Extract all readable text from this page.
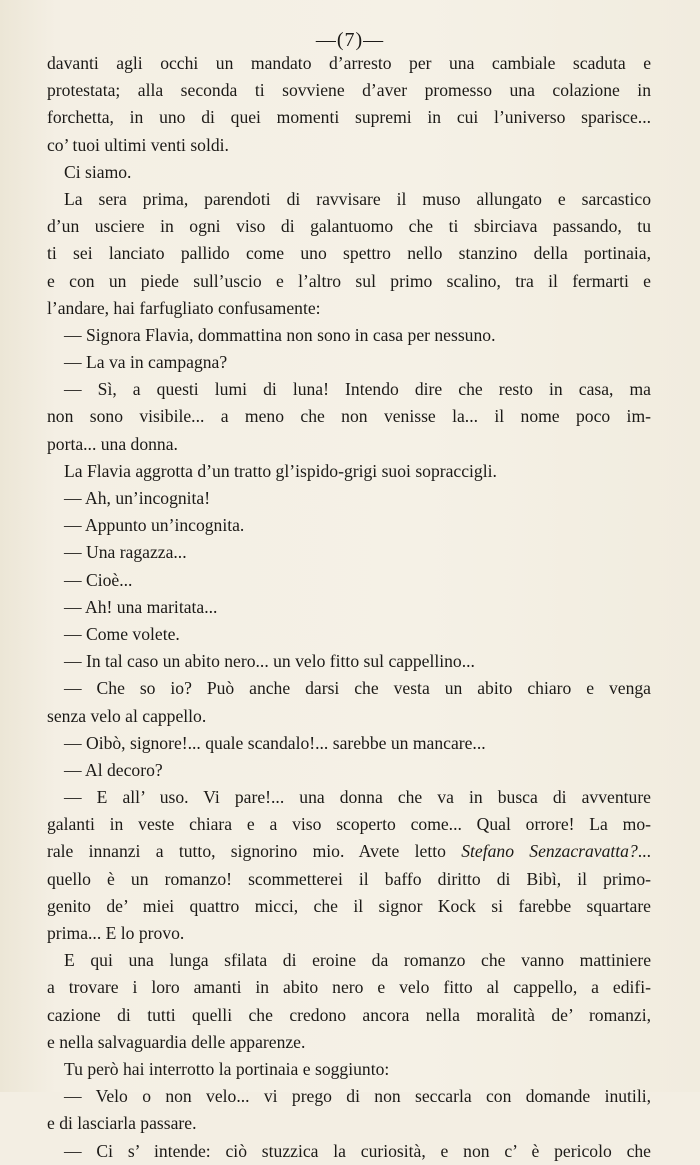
—(7)—
davanti agli occhi un mandato d’arresto per una cambiale scaduta e
protestata; alla seconda ti sovviene d’aver promesso una colazione in
forchetta, in uno di quei momenti supremi in cui l’universo sparisce...
co’ tuoi ultimi venti soldi.
Ci siamo.
La sera prima, parendoti di ravvisare il muso allungato e sarcastico
d’un usciere in ogni viso di galantuomo che ti sbirciava passando, tu
ti sei lanciato pallido come uno spettro nello stanzino della portinaia,
e con un piede sull’uscio e l’altro sul primo scalino, tra il fermarti e
l’andare, hai farfugliato confusamente:
— Signora Flavia, dommattina non sono in casa per nessuno.
— La va in campagna?
— Sì, a questi lumi di luna! Intendo dire che resto in casa, ma
non sono visibile... a meno che non venisse la... il nome poco im-
porta... una donna.
La Flavia aggrotta d’un tratto gl’ispido-grigi suoi sopraccigli.
— Ah, un’incognita!
— Appunto un’incognita.
— Una ragazza...
— Cioè...
— Ah! una maritata...
— Come volete.
— In tal caso un abito nero... un velo fitto sul cappellino...
— Che so io? Può anche darsi che vesta un abito chiaro e venga
senza velo al cappello.
— Oibò, signore!... quale scandalo!... sarebbe un mancare...
— Al decoro?
— E all’ uso. Vi pare!... una donna che va in busca di avventure
galanti in veste chiara e a viso scoperto come... Qual orrore! La mo-
rale innanzi a tutto, signorino mio. Avete letto Stefano Senzacravatta?...
quello è un romanzo! scommetterei il baffo diritto di Bibì, il primo-
genito de’ miei quattro micci, che il signor Kock si farebbe squartare
prima... E lo provo.
E qui una lunga sfilata di eroine da romanzo che vanno mattiniere
a trovare i loro amanti in abito nero e velo fitto al cappello, a edifi-
cazione di tutti quelli che credono ancora nella moralità de’ romanzi,
e nella salvaguardia delle apparenze.
Tu però hai interrotto la portinaia e soggiunto:
— Velo o non velo... vi prego di non seccarla con domande inutili,
e di lasciarla passare.
— Ci s’ intende: ciò stuzzica la curiosità, e non c’ è pericolo che
